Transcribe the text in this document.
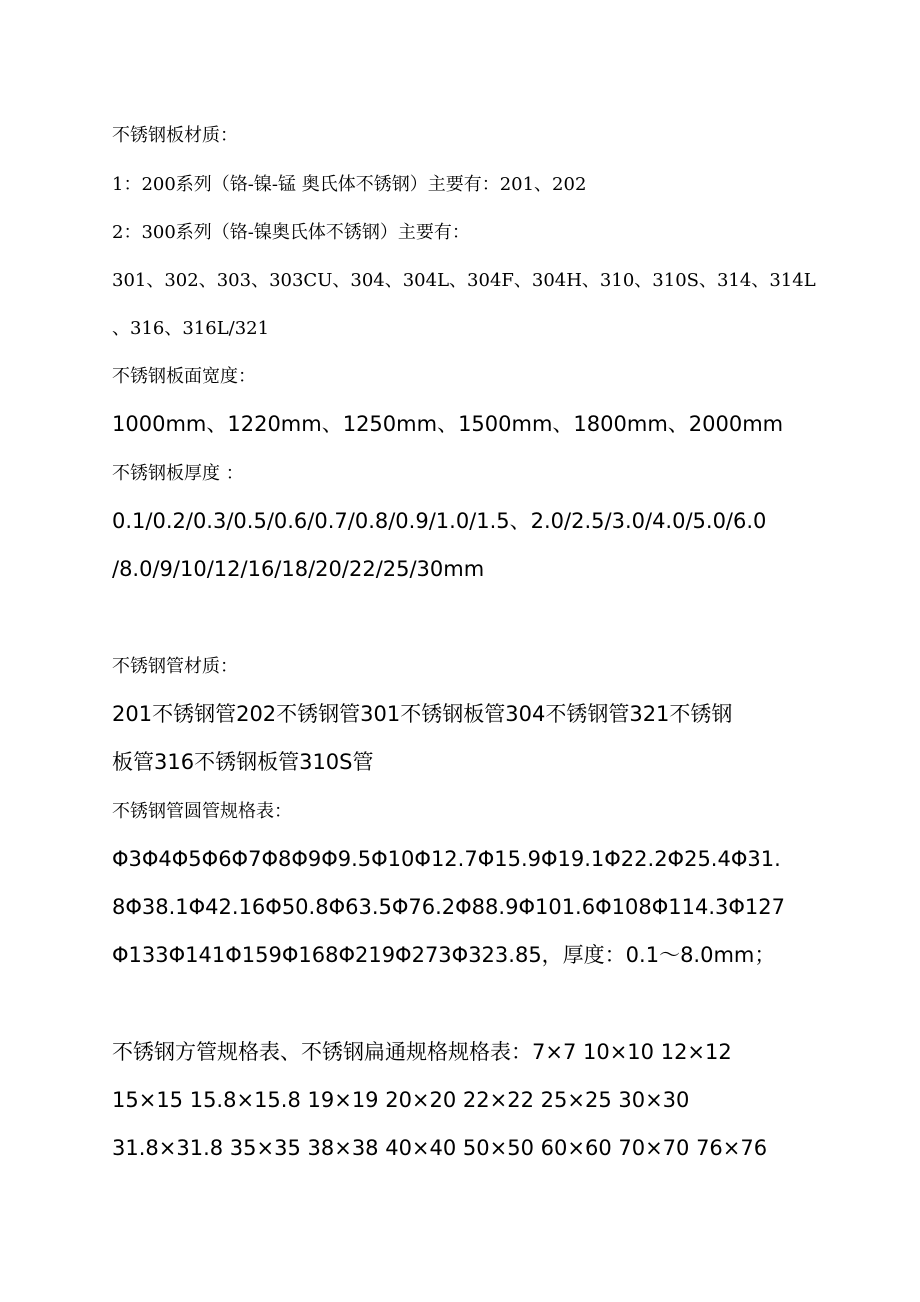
不锈钢板材质：
1：200系列（铬-镍-锰 奥氏体不锈钢）主要有：201、202
2：300系列（铬-镍奥氏体不锈钢）主要有：
301、302、303、303CU、304、304L、304F、304H、310、310S、314、314L
、316、316L/321
不锈钢板面宽度：
1000mm、1220mm、1250mm、1500mm、1800mm、2000mm
不锈钢板厚度 ：
0.1/0.2/0.3/0.5/0.6/0.7/0.8/0.9/1.0/1.5、2.0/2.5/3.0/4.0/5.0/6.0
/8.0/9/10/12/16/18/20/22/25/30mm
不锈钢管材质：
201不锈钢管202不锈钢管301不锈钢板管304不锈钢管321不锈钢
板管316不锈钢板管310S管
不锈钢管圆管规格表：
Φ3Φ4Φ5Φ6Φ7Φ8Φ9Φ9.5Φ10Φ12.7Φ15.9Φ19.1Φ22.2Φ25.4Φ31.
8Φ38.1Φ42.16Φ50.8Φ63.5Φ76.2Φ88.9Φ101.6Φ108Φ114.3Φ127
Φ133Φ141Φ159Φ168Φ219Φ273Φ323.85，厚度：0.1～8.0mm；
不锈钢方管规格表、不锈钢扁通规格规格表：7×7 10×10 12×12
15×15 15.8×15.8 19×19 20×20 22×22 25×25 30×30
31.8×31.8 35×35 38×38 40×40 50×50 60×60 70×70 76×76
